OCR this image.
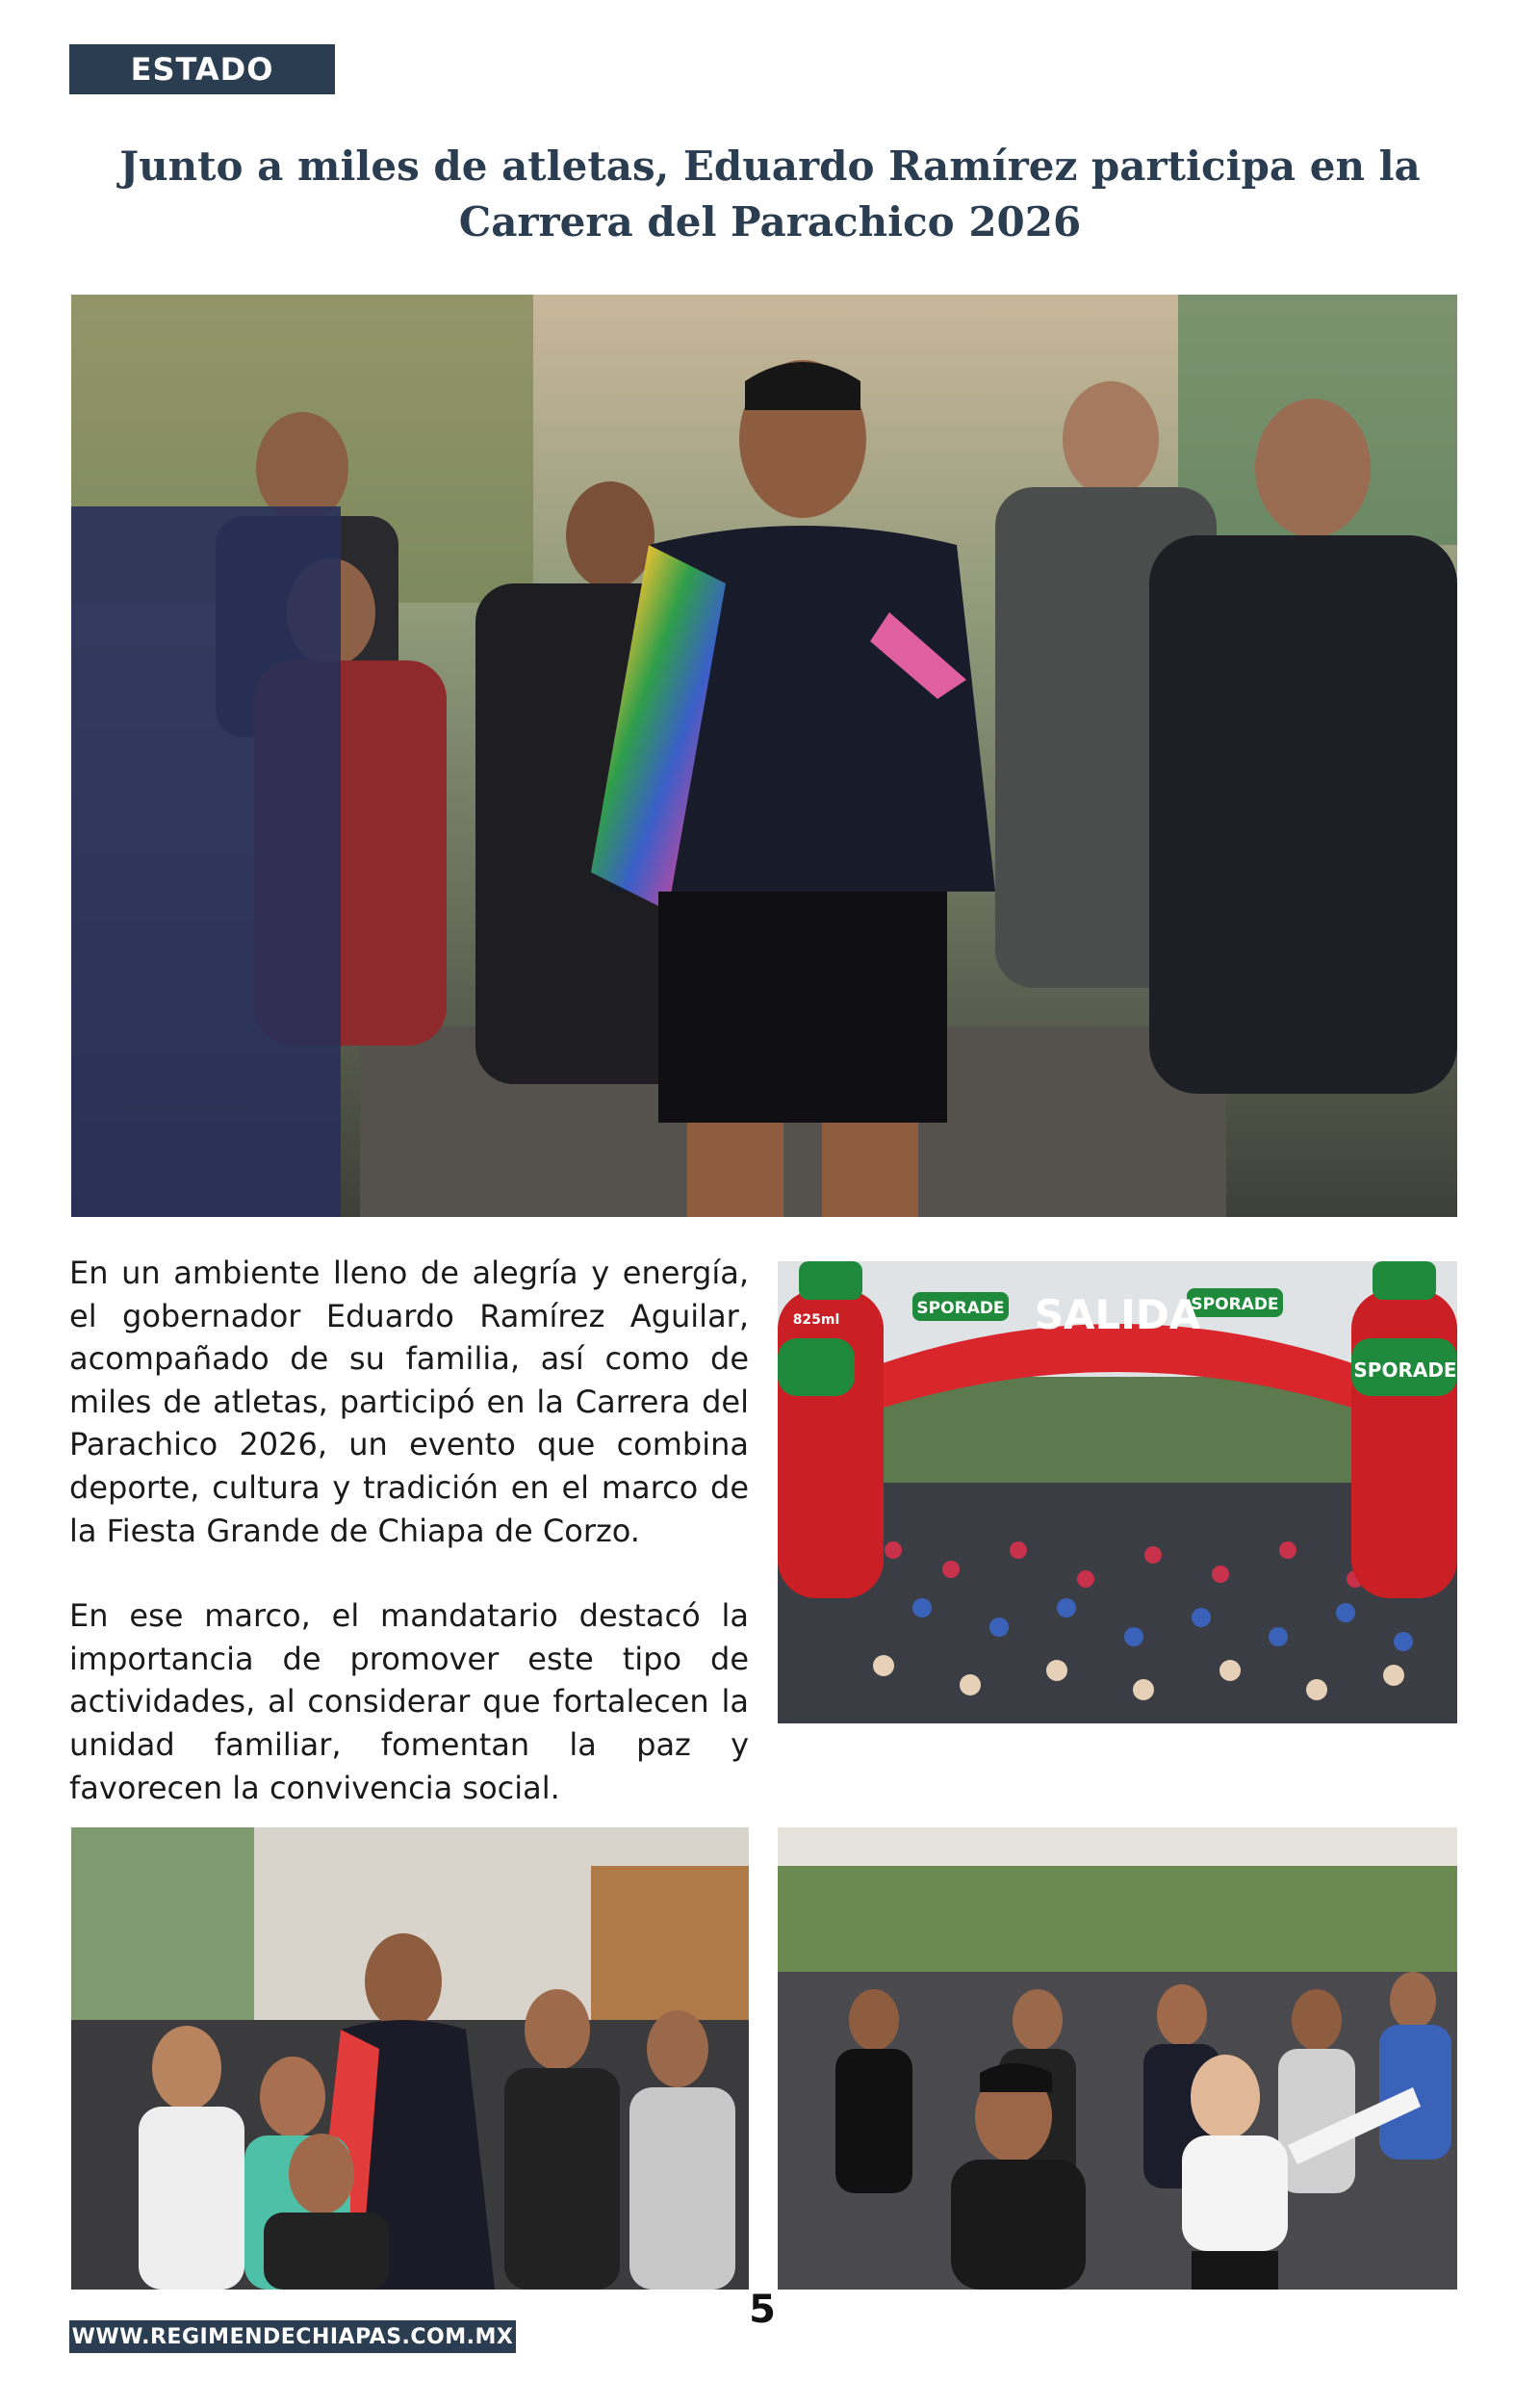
ESTADO
Junto a miles de atletas, Eduardo Ramírez participa en la Carrera del Parachico 2026

En un ambiente lleno de alegría y energía, el gobernador Eduardo Ramírez Aguilar, acompañado de su familia, así como de miles de atletas, participó en la Carrera del Parachico 2026, un evento que combina deporte, cultura y tradición en el marco de la Fiesta Grande de Chiapa de Corzo.

En ese marco, el mandatario destacó la importancia de promover este tipo de actividades, al considerar que fortalecen la unidad familiar, fomentan la paz y favorecen la convivencia social.

SALIDA
SPORADE	SPORADE
SPORADE
825ml
WWW.REGIMENDECHIAPAS.COM.MX
5
